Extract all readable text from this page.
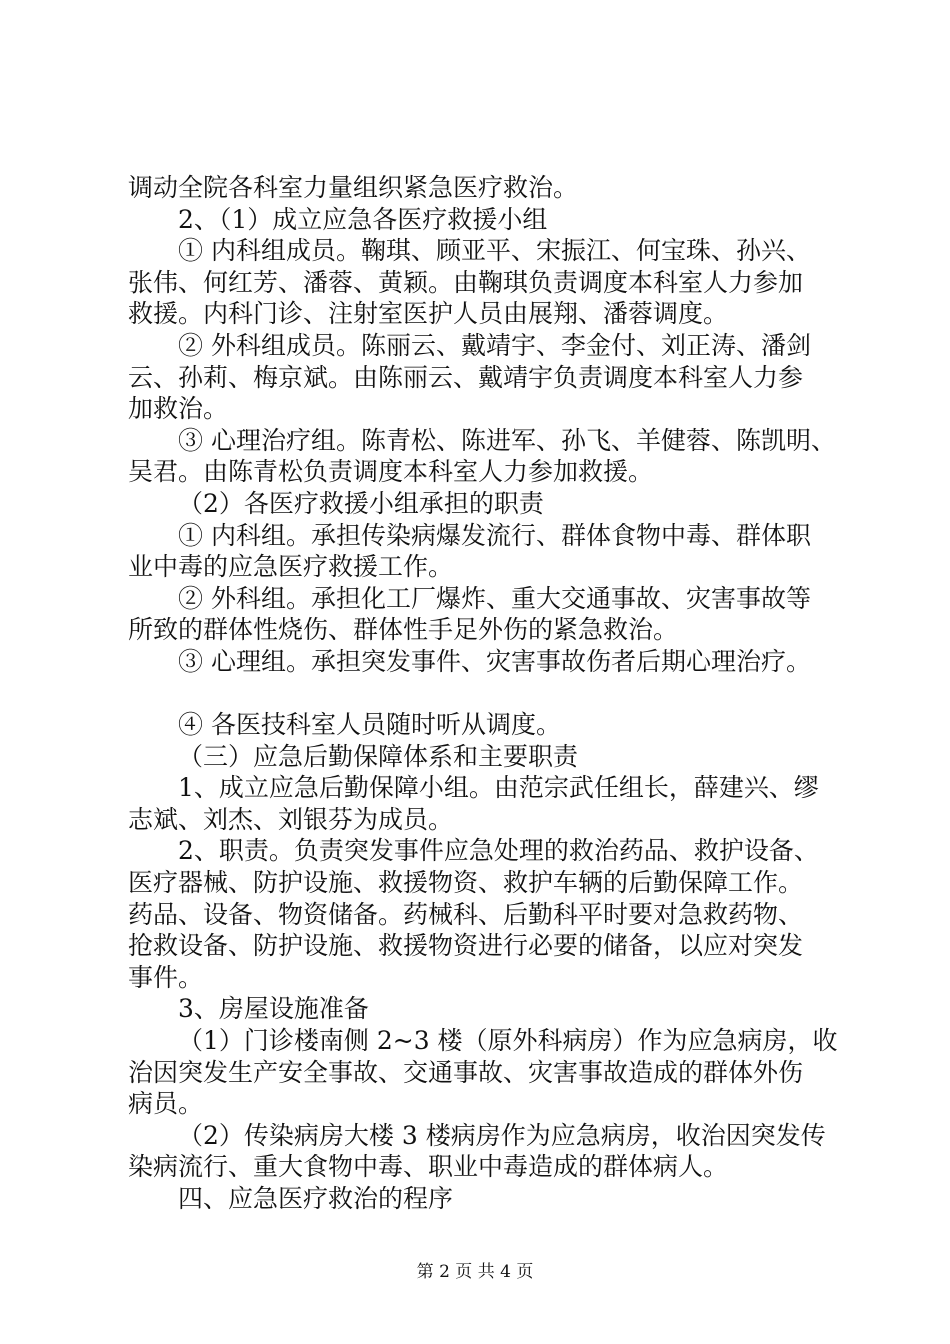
调动全院各科室力量组织紧急医疗救治。
2、（1）成立应急各医疗救援小组
① 内科组成员。鞠琪、顾亚平、宋振江、何宝珠、孙兴、
张伟、何红芳、潘蓉、黄颖。由鞠琪负责调度本科室人力参加
救援。内科门诊、注射室医护人员由展翔、潘蓉调度。
② 外科组成员。陈丽云、戴靖宇、李金付、刘正涛、潘剑
云、孙莉、梅京斌。由陈丽云、戴靖宇负责调度本科室人力参
加救治。
③ 心理治疗组。陈青松、陈进军、孙飞、羊健蓉、陈凯明、
吴君。由陈青松负责调度本科室人力参加救援。
（2）各医疗救援小组承担的职责
① 内科组。承担传染病爆发流行、群体食物中毒、群体职
业中毒的应急医疗救援工作。
② 外科组。承担化工厂爆炸、重大交通事故、灾害事故等
所致的群体性烧伤、群体性手足外伤的紧急救治。
③ 心理组。承担突发事件、灾害事故伤者后期心理治疗。
④ 各医技科室人员随时听从调度。
（三）应急后勤保障体系和主要职责
1、成立应急后勤保障小组。由范宗武任组长，薛建兴、缪
志斌、刘杰、刘银芬为成员。
2、职责。负责突发事件应急处理的救治药品、救护设备、
医疗器械、防护设施、救援物资、救护车辆的后勤保障工作。
药品、设备、物资储备。药械科、后勤科平时要对急救药物、
抢救设备、防护设施、救援物资进行必要的储备，以应对突发
事件。
3、房屋设施准备
（1）门诊楼南侧 2~3 楼（原外科病房）作为应急病房，收
治因突发生产安全事故、交通事故、灾害事故造成的群体外伤
病员。
（2）传染病房大楼 3 楼病房作为应急病房，收治因突发传
染病流行、重大食物中毒、职业中毒造成的群体病人。
四、应急医疗救治的程序
第 2 页 共 4 页
